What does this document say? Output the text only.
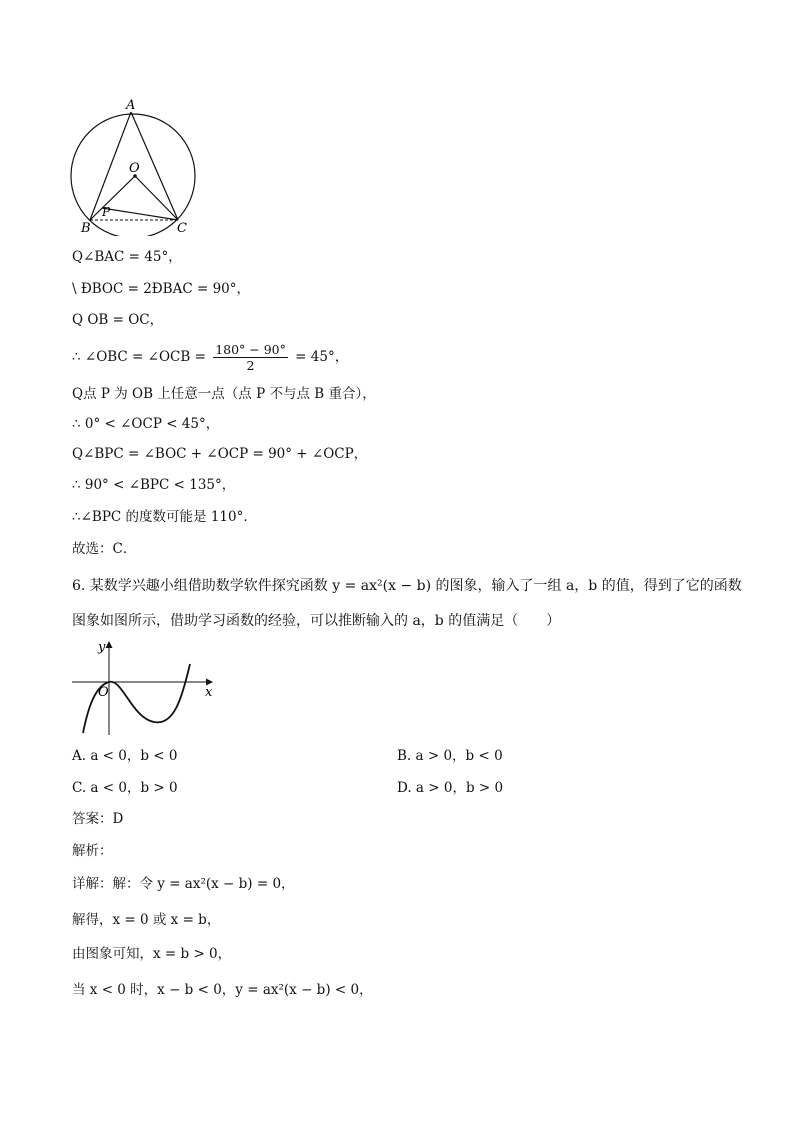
A
O
B	C
P
Q∠BAC = 45°，
\ ÐBOC = 2ÐBAC = 90°，
Q OB = OC，
∴ ∠OBC = ∠OCB = $\frac{180^\circ - 90^\circ}{2} = 45^\circ$，
Q点 P 为 OB 上任意一点（点 P 不与点 B 重合），
∴ 0° < ∠OCP < 45°，
Q∠BPC = ∠BOC + ∠OCP = 90° + ∠OCP，
∴ 90° < ∠BPC < 135°，
∴∠BPC 的度数可能是 110°．
故选：C．
6. 某数学兴趣小组借助数学软件探究函数 y = ax²(x − b) 的图象，输入了一组 a，b 的值，得到了它的函数
图象如图所示，借助学习函数的经验，可以推断输入的 a，b 的值满足（　　）
y
x
O
A. a < 0，b < 0	B. a > 0，b < 0
C. a < 0，b > 0	D. a > 0，b > 0
答案：D
解析：
详解：解：令 y = ax²(x − b) = 0，
解得，x = 0 或 x = b，
由图象可知，x = b > 0，
当 x < 0 时，x − b < 0，y = ax²(x − b) < 0，
